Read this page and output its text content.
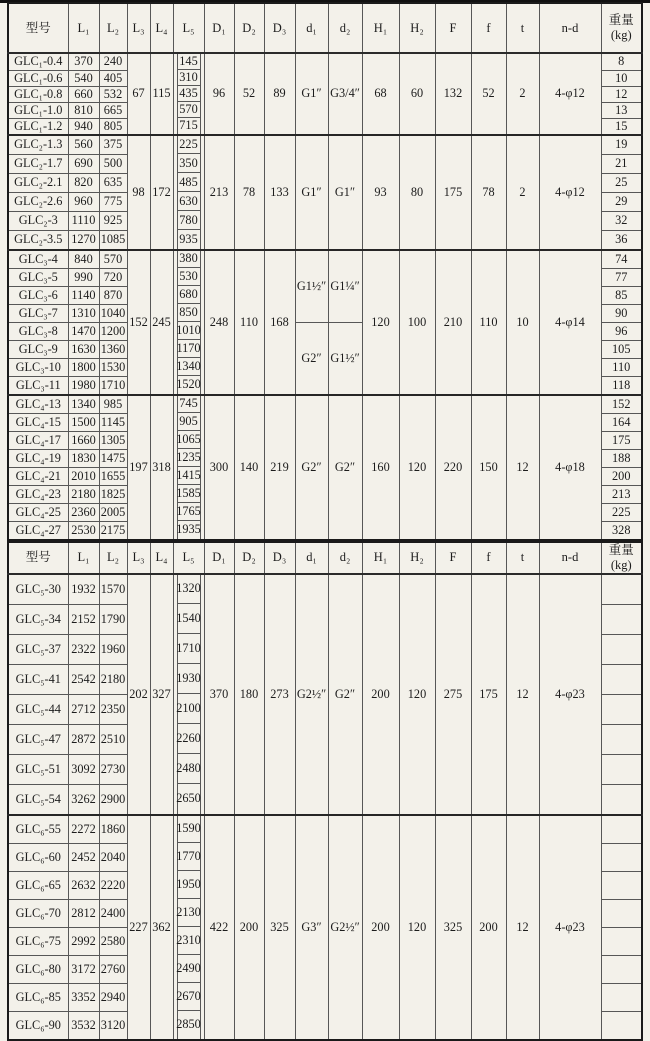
型号	L₁	L₂	L₃	L₄	L₅	D₁	D₂	D₃	d₁	d₂	H₁	H₂	F	f	t	n-d	重量
(kg)

GLC₁-0.4	370	240	67	115	145	96	52	89	G1″	G3/4″	68	60	132	52	2	4-φ12	8
GLC₁-0.6	540	405			310												10
GLC₁-0.8	660	532			435												12
GLC₁-1.0	810	665			570												13
GLC₁-1.2	940	805			715												15
GLC₂-1.3	560	375	98	172	225	213	78	133	G1″	G1″	93	80	175	78	2	4-φ12	19
GLC₂-1.7	690	500			350												21
GLC₂-2.1	820	635			485												25
GLC₂-2.6	960	775			630												29
GLC₂-3	1110	925			780												32
GLC₂-3.5	1270	1085			935												36
GLC₃-4	840	570	152	245	380	248	110	168	G1½″	G1¼″	120	100	210	110	10	4-φ14	74
GLC₃-5	990	720			530												77
GLC₃-6	1140	870			680												85
GLC₃-7	1310	1040			850												90
GLC₃-8	1470	1200			1010				G2″	G1½″							96
GLC₃-9	1630	1360			1170												105
GLC₃-10	1800	1530			1340												110
GLC₃-11	1980	1710			1520												118
GLC₄-13	1340	985	197	318	745	300	140	219	G2″	G2″	160	120	220	150	12	4-φ18	152
GLC₄-15	1500	1145			905												164
GLC₄-17	1660	1305			1065												175
GLC₄-19	1830	1475			1235												188
GLC₄-21	2010	1655			1415												200
GLC₄-23	2180	1825			1585												213
GLC₄-25	2360	2005			1765												225
GLC₄-27	2530	2175			1935												328
型号	L₁	L₂	L₃	L₄	L₅	D₁	D₂	D₃	d₁	d₂	H₁	H₂	F	f	t	n-d	重量
(kg)

GLC₅-30	1932	1570	202	327	1320	370	180	273	G2½″	G2″	200	120	275	175	12	4-φ23	
GLC₅-34	2152	1790			1540												

GLC₅-37	2322	1960			1710												

GLC₅-41	2542	2180			1930												

GLC₅-44	2712	2350			2100												

GLC₅-47	2872	2510			2260												

GLC₅-51	3092	2730			2480												

GLC₅-54	3262	2900			2650												

GLC₆-55	2272	1860	227	362	1590	422	200	325	G3″	G2½″	200	120	325	200	12	4-φ23	
GLC₆-60	2452	2040			1770												

GLC₆-65	2632	2220			1950												

GLC₆-70	2812	2400			2130												

GLC₆-75	2992	2580			2310												

GLC₆-80	3172	2760			2490												

GLC₆-85	3352	2940			2670												

GLC₆-90	3532	3120			2850												
